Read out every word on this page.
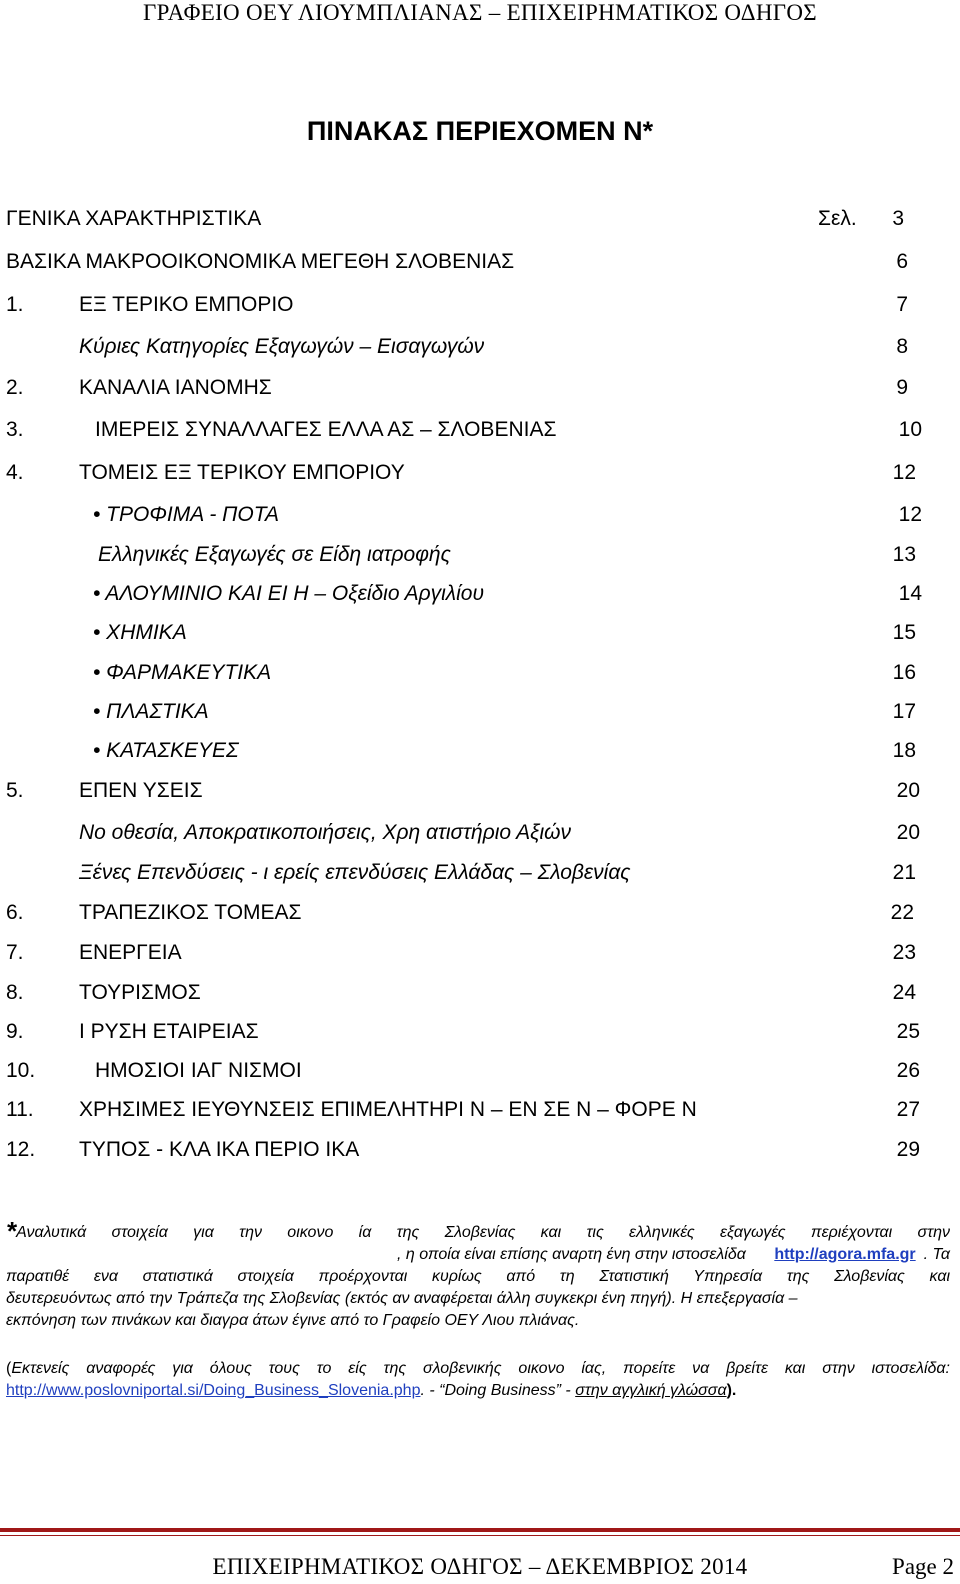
ΓΡΑΦΕΙΟ ΟΕΥ ΛΙΟΥΜΠΛΙΑΝΑΣ – ΕΠΙΧΕΙΡΗΜΑΤΙΚΟΣ ΟΔΗΓΟΣ
ΠΙΝΑΚΑΣ ΠΕΡΙΕΧΟΜΕΝ Ν*
ΓΕΝΙΚΑ ΧΑΡΑΚΤΗΡΙΣΤΙΚΑ	Σελ. 3
ΒΑΣΙΚΑ ΜΑΚΡΟΟΙΚΟΝΟΜΙΚΑ ΜΕΓΕΘΗ ΣΛΟΒΕΝΙΑΣ	6
1.	ΕΞ ΤΕΡΙΚΟ ΕΜΠΟΡΙΟ	7
Κύριες Κατηγορίες Εξαγωγών – Εισαγωγών	8
2.	ΚΑΝΑΛΙΑ ΙΑΝΟΜΗΣ	9
3.	ΙΜΕΡΕΙΣ ΣΥΝΑΛΛΑΓΕΣ ΕΛΛΑ ΑΣ – ΣΛΟΒΕΝΙΑΣ	10
4.	ΤΟΜΕΙΣ ΕΞ ΤΕΡΙΚΟΥ ΕΜΠΟΡΙΟΥ	12
• ΤΡΟΦΙΜΑ - ΠΟΤΑ	12
Ελληνικές Εξαγωγές σε Είδη ιατροφής	13
• ΑΛΟΥΜΙΝΙΟ ΚΑΙ ΕΙ Η – Οξείδιο Αργιλίου	14
• ΧΗΜΙΚΑ	15
• ΦΑΡΜΑΚΕΥΤΙΚΑ	16
• ΠΛΑΣΤΙΚΑ	17
• ΚΑΤΑΣΚΕΥΕΣ	18
5.	ΕΠΕΝ ΥΣΕΙΣ	20
Νο οθεσία, Αποκρατικοποιήσεις, Χρη ατιστήριο Αξιών	20
Ξένες Επενδύσεις - ι ερείς επενδύσεις Ελλάδας – Σλοβενίας	21
6.	ΤΡΑΠΕΖΙΚΟΣ ΤΟΜΕΑΣ	22
7.	ΕΝΕΡΓΕΙΑ	23
8.	ΤΟΥΡΙΣΜΟΣ	24
9.	Ι ΡΥΣΗ ΕΤΑΙΡΕΙΑΣ	25
10.	ΗΜΟΣΙΟΙ ΙΑΓ ΝΙΣΜΟΙ	26
11. ΧΡΗΣΙΜΕΣ ΙΕΥΘΥΝΣΕΙΣ ΕΠΙΜΕΛΗΤΗΡΙ Ν – ΕΝ ΣΕ Ν – ΦΟΡΕ Ν	27
12. ΤΥΠΟΣ - ΚΛΑ ΙΚΑ ΠΕΡΙΟ ΙΚΑ	29
*Αναλυτικά στοιχεία για την οικονο ία της Σλοβενίας και τις ελληνικές εξαγωγές περιέχονται στην
, η οποία είναι επίσης αναρτη ένη στην ιστοσελίδα http://agora.mfa.gr . Τα
παρατιθέ ενα στατιστικά στοιχεία προέρχονται κυρίως από τη Στατιστική Υπηρεσία της Σλοβενίας και
δευτερευόντως από την Τράπεζα της Σλοβενίας (εκτός αν αναφέρεται άλλη συγκεκρι ένη πηγή). Η επεξεργασία –
εκπόνηση των πινάκων και διαγρα άτων έγινε από το Γραφείο ΟΕΥ Λιου πλιάνας.
(Εκτενείς αναφορές για όλους τους το είς της σλοβενικής οικονο ίας, πορείτε να βρείτε και στην ιστοσελίδα:
http://www.poslovniportal.si/Doing_Business_Slovenia.php. - “Doing Business” - στην αγγλική γλώσσα).
ΕΠΙΧΕΙΡΗΜΑΤΙΚΟΣ ΟΔΗΓΟΣ – ΔΕΚΕΜΒΡΙΟΣ 2014	Page 2
